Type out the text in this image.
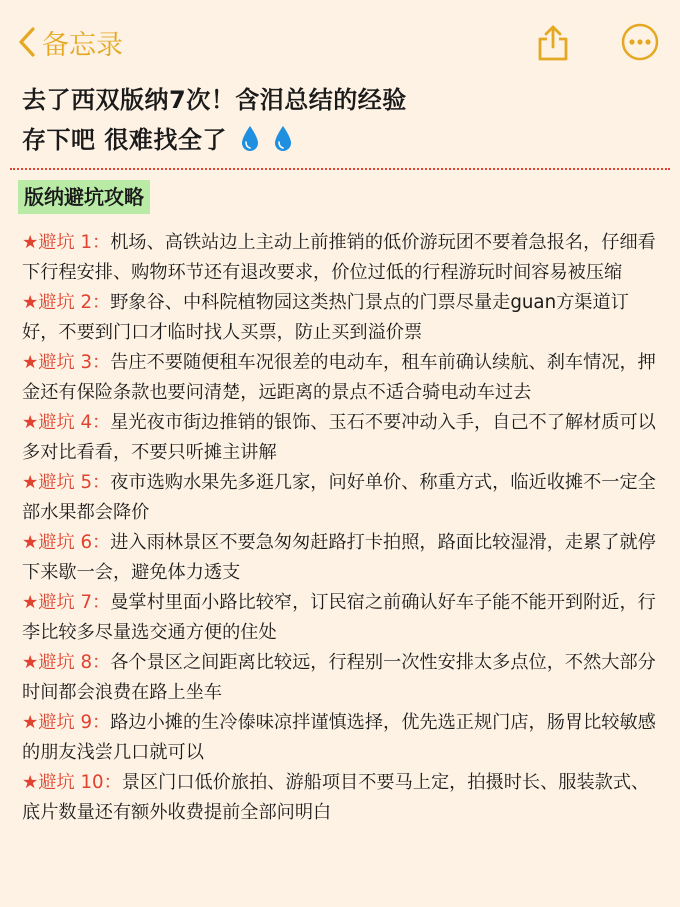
备忘录
去了西双版纳7次！含泪总结的经验
存下吧 很难找全了
版纳避坑攻略

★避坑 1：机场、高铁站边上主动上前推销的低价游玩团不要着急报名，仔细看下行程安排、购物环节还有退改要求，价位过低的行程游玩时间容易被压缩

★避坑 2：野象谷、中科院植物园这类热门景点的门票尽量走guan方渠道订好，不要到门口才临时找人买票，防止买到溢价票

★避坑 3：告庄不要随便租车况很差的电动车，租车前确认续航、刹车情况，押金还有保险条款也要问清楚，远距离的景点不适合骑电动车过去

★避坑 4：星光夜市街边推销的银饰、玉石不要冲动入手，自己不了解材质可以多对比看看，不要只听摊主讲解

★避坑 5：夜市选购水果先多逛几家，问好单价、称重方式，临近收摊不一定全部水果都会降价

★避坑 6：进入雨林景区不要急匆匆赶路打卡拍照，路面比较湿滑，走累了就停下来歇一会，避免体力透支

★避坑 7：曼掌村里面小路比较窄，订民宿之前确认好车子能不能开到附近，行李比较多尽量选交通方便的住处

★避坑 8：各个景区之间距离比较远，行程别一次性安排太多点位，不然大部分时间都会浪费在路上坐车

★避坑 9：路边小摊的生冷傣味凉拌谨慎选择，优先选正规门店，肠胃比较敏感的朋友浅尝几口就可以

★避坑 10：景区门口低价旅拍、游船项目不要马上定，拍摄时长、服装款式、底片数量还有额外收费提前全部问明白
